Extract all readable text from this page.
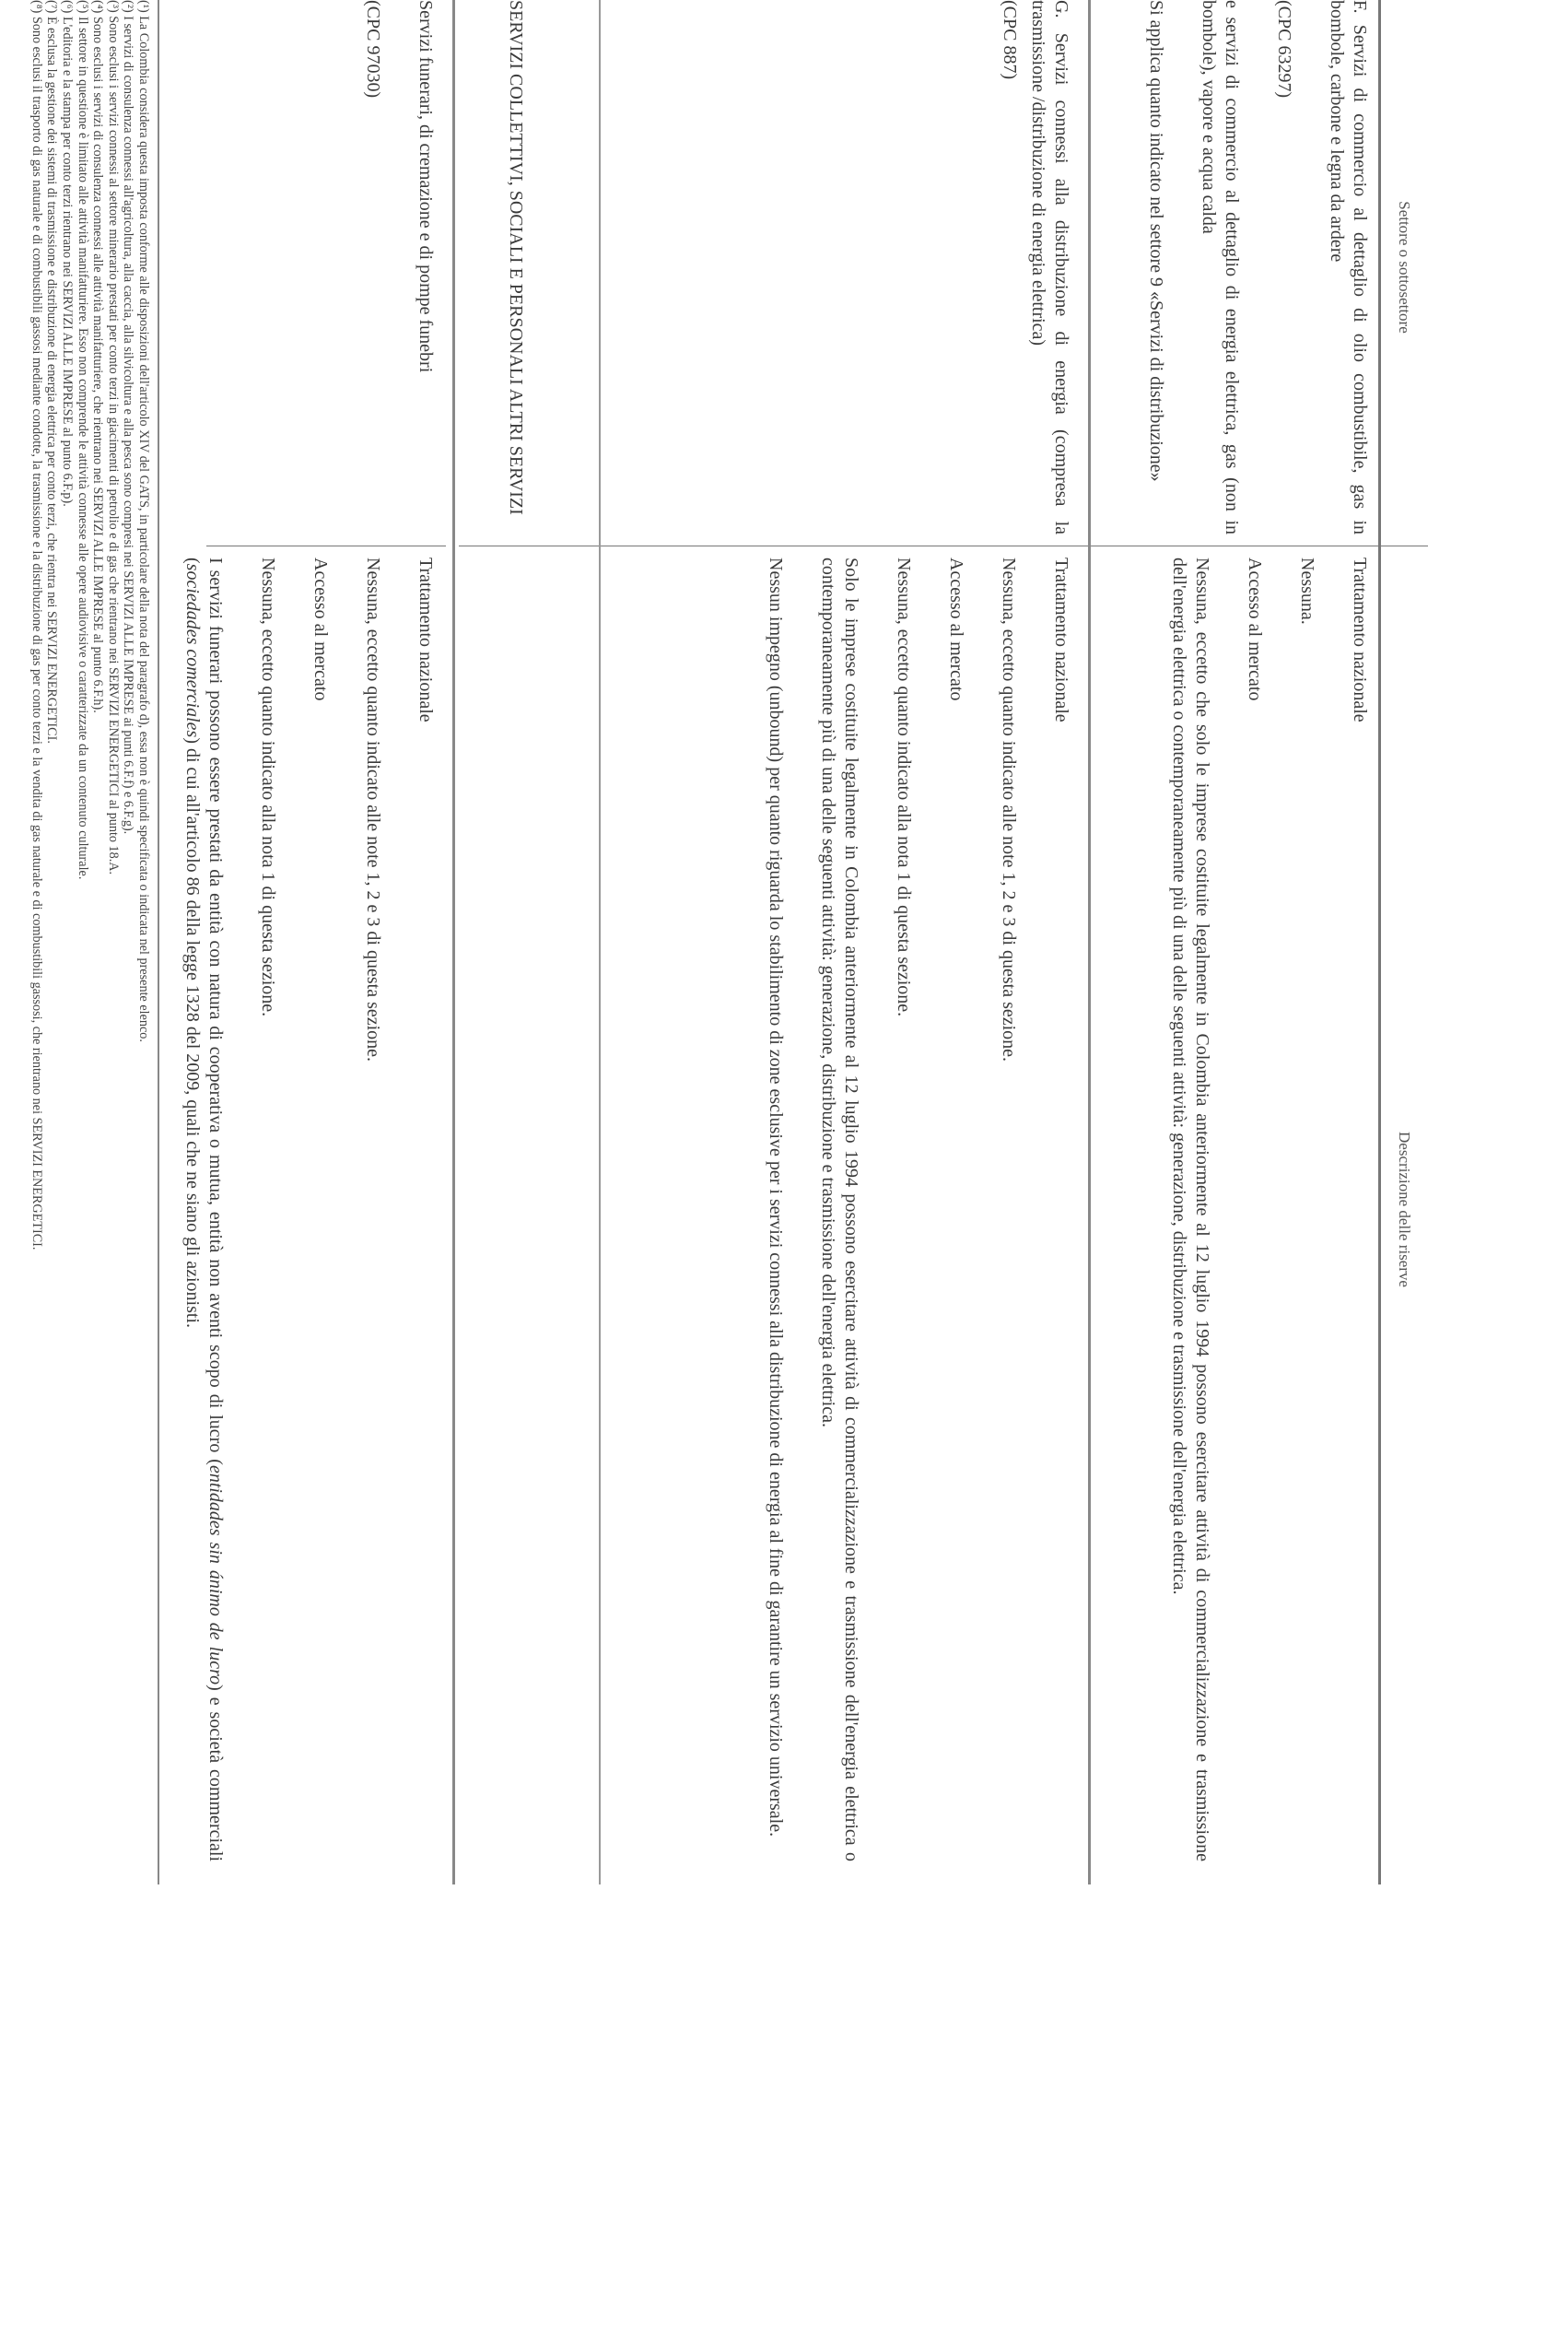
Settore o sottosettore
Descrizione delle riserve

F. Servizi di commercio al dettaglio di olio combustibile, gas in bombole, carbone e legna da ardere

(CPC 63297)

e servizi di commercio al dettaglio di energia elettrica, gas (non in bombole), vapore e acqua calda

Si applica quanto indicato nel settore 9 «Servizi di distribuzione»

Trattamento nazionale

Nessuna.

Accesso al mercato

Nessuna, eccetto che solo le imprese costituite legalmente in Colombia anteriormente al 12 luglio 1994 possono esercitare attività di commercializzazione e trasmissione dell'energia elettrica o contemporaneamente più di una delle seguenti attività: generazione, distribuzione e trasmissione dell'energia elettrica.

G. Servizi connessi alla distribuzione di energia (compresa la trasmissione /distribuzione di energia elettrica)

(CPC 887)

Trattamento nazionale

Nessuna, eccetto quanto indicato alle note 1, 2 e 3 di questa sezione.

Accesso al mercato

Nessuna, eccetto quanto indicato alla nota 1 di questa sezione.

Solo le imprese costituite legalmente in Colombia anteriormente al 12 luglio 1994 possono esercitare attività di commercializzazione e trasmissione dell'energia elettrica o contemporaneamente più di una delle seguenti attività: generazione, distribuzione e trasmissione dell'energia elettrica.

Nessun impegno (unbound) per quanto riguarda lo stabilimento di zone esclusive per i servizi connessi alla distribuzione di energia al fine di garantire un servizio universale.

SERVIZI COLLETTIVI, SOCIALI E PERSONALI ALTRI SERVIZI

Servizi funerari, di cremazione e di pompe funebri

(CPC 97030)

Trattamento nazionale

Nessuna, eccetto quanto indicato alle note 1, 2 e 3 di questa sezione.

Accesso al mercato

Nessuna, eccetto quanto indicato alla nota 1 di questa sezione.

I servizi funerari possono essere prestati da entità con natura di cooperativa o mutua, entità non aventi scopo di lucro (entidades sin ánimo de lucro) e società commerciali (sociedades comerciales) di cui all'articolo 86 della legge 1328 del 2009, quali che ne siano gli azionisti.

(¹) La Colombia considera questa imposta conforme alle disposizioni dell'articolo XIV del GATS, in particolare della nota del paragrafo d), essa non è quindi specificata o indicata nel presente elenco.
(²) I servizi di consulenza connessi all'agricoltura, alla caccia, alla silvicoltura e alla pesca sono compresi nei SERVIZI ALLE IMPRESE ai punti 6.F.f) e 6.F.g).
(³) Sono esclusi i servizi connessi al settore minerario prestati per conto terzi in giacimenti di petrolio e di gas che rientrano nei SERVIZI ENERGETICI al punto 18.A.
(⁴) Sono esclusi i servizi di consulenza connessi alle attività manifatturiere, che rientrano nei SERVIZI ALLE IMPRESE al punto 6.F.h).
(⁵) Il settore in questione è limitato alle attività manifatturiere. Esso non comprende le attività connesse alle opere audiovisive o caratterizzate da un contenuto culturale.
(⁶) L'editoria e la stampa per conto terzi rientrano nei SERVIZI ALLE IMPRESE al punto 6.F.p).
(⁷) È esclusa la gestione dei sistemi di trasmissione e distribuzione di energia elettrica per conto terzi, che rientra nei SERVIZI ENERGETICI.
(⁸) Sono esclusi il trasporto di gas naturale e di combustibili gassosi mediante condotte, la trasmissione e la distribuzione di gas per conto terzi e la vendita di gas naturale e di combustibili gassosi, che rientrano nei SERVIZI ENERGETICI.
